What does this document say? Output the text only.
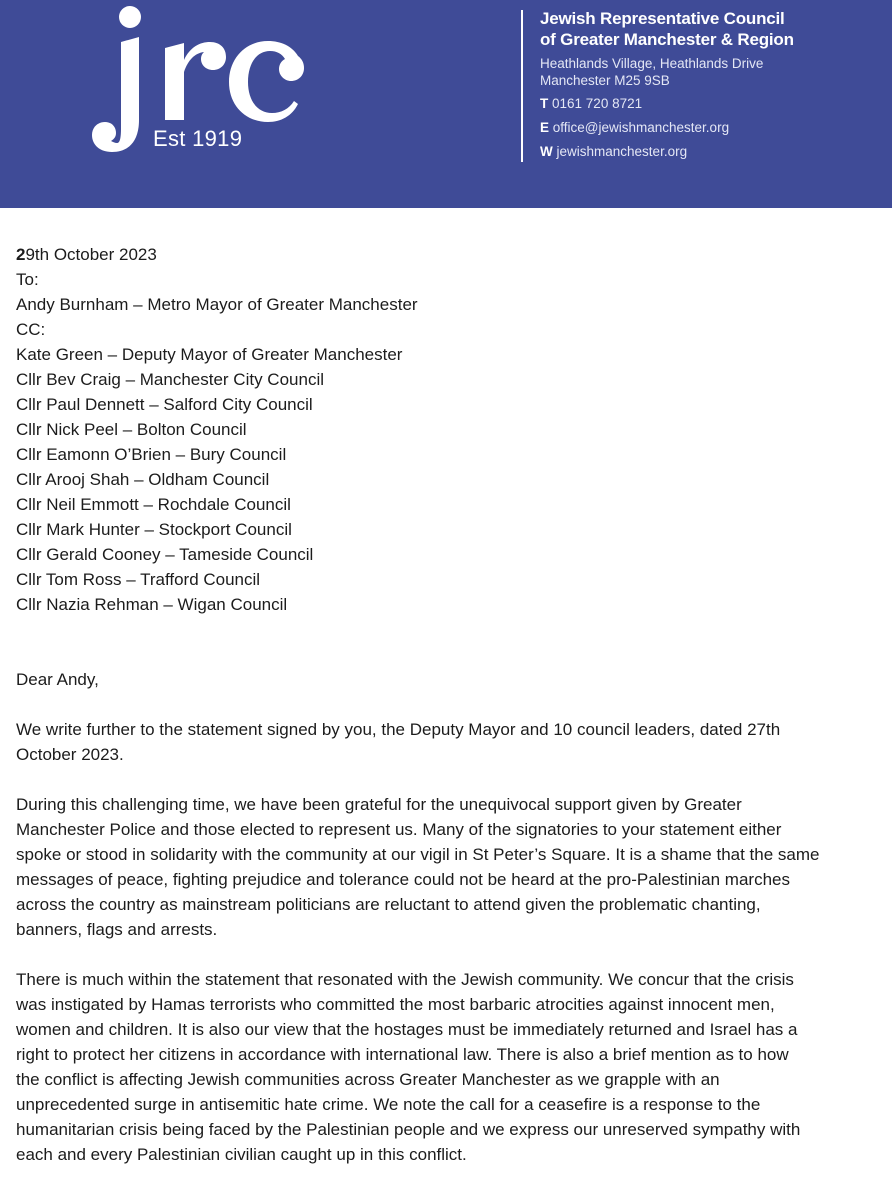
Est 1919
Jewish Representative Council
of Greater Manchester & Region
Heathlands Village, Heathlands Drive
Manchester M25 9SB
T 0161 720 8721
E office@jewishmanchester.org
W jewishmanchester.org
29th October 2023
To:
Andy Burnham – Metro Mayor of Greater Manchester
CC:
Kate Green – Deputy Mayor of Greater Manchester
Cllr Bev Craig – Manchester City Council
Cllr Paul Dennett – Salford City Council
Cllr Nick Peel – Bolton Council
Cllr Eamonn O’Brien – Bury Council
Cllr Arooj Shah – Oldham Council
Cllr Neil Emmott – Rochdale Council
Cllr Mark Hunter – Stockport Council
Cllr Gerald Cooney – Tameside Council
Cllr Tom Ross – Trafford Council
Cllr Nazia Rehman – Wigan Council
Dear Andy,
We write further to the statement signed by you, the Deputy Mayor and 10 council leaders, dated 27th
October 2023.
During this challenging time, we have been grateful for the unequivocal support given by Greater
Manchester Police and those elected to represent us. Many of the signatories to your statement either
spoke or stood in solidarity with the community at our vigil in St Peter’s Square. It is a shame that the same
messages of peace, fighting prejudice and tolerance could not be heard at the pro-Palestinian marches
across the country as mainstream politicians are reluctant to attend given the problematic chanting,
banners, flags and arrests.
There is much within the statement that resonated with the Jewish community. We concur that the crisis
was instigated by Hamas terrorists who committed the most barbaric atrocities against innocent men,
women and children. It is also our view that the hostages must be immediately returned and Israel has a
right to protect her citizens in accordance with international law. There is also a brief mention as to how
the conflict is affecting Jewish communities across Greater Manchester as we grapple with an
unprecedented surge in antisemitic hate crime. We note the call for a ceasefire is a response to the
humanitarian crisis being faced by the Palestinian people and we express our unreserved sympathy with
each and every Palestinian civilian caught up in this conflict.
